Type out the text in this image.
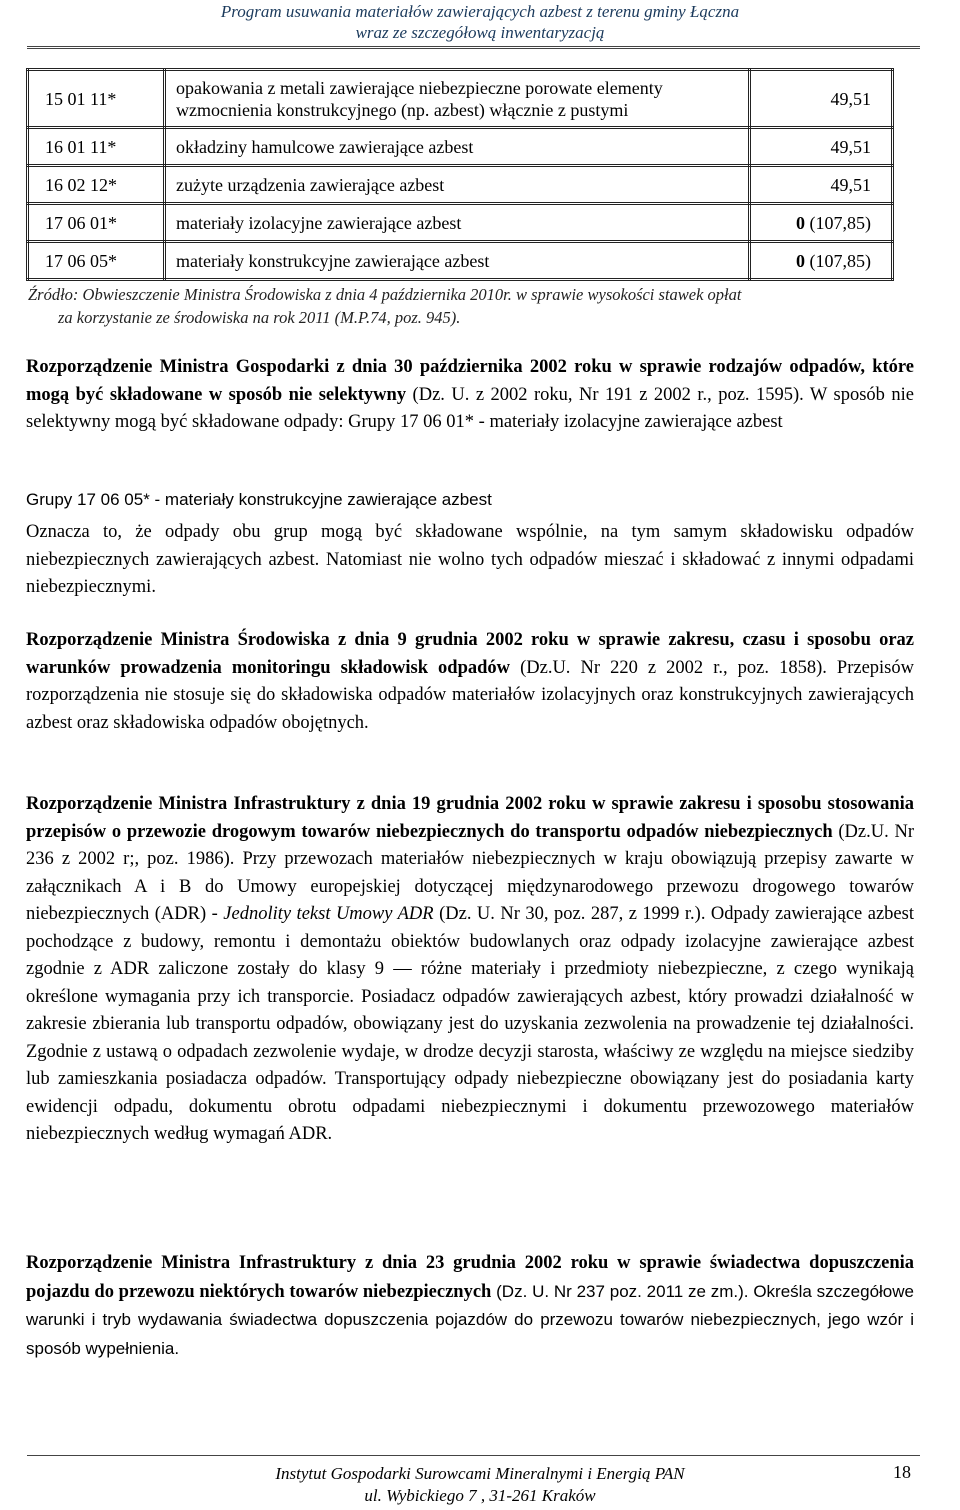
Program usuwania materiałów zawierających azbest z terenu gminy Łączna
wraz ze szczegółową inwentaryzacją
15 01 11*	opakowania z metali zawierające niebezpieczne porowate elementy wzmocnienia konstrukcyjnego (np. azbest) włącznie z pustymi	49,51
16 01 11*	okładziny hamulcowe zawierające azbest	49,51
16 02 12*	zużyte urządzenia zawierające azbest	49,51
17 06 01*	materiały izolacyjne zawierające azbest	0 (107,85)
17 06 05*	materiały konstrukcyjne zawierające azbest	0 (107,85)
Źródło: Obwieszczenie Ministra Środowiska z dnia 4 października 2010r. w sprawie wysokości stawek opłat
za korzystanie ze środowiska na rok 2011 (M.P.74, poz. 945).
Rozporządzenie Ministra Gospodarki z dnia 30 października 2002 roku w sprawie rodzajów odpadów, które mogą być składowane w sposób nie selektywny (Dz. U. z 2002 roku, Nr 191 z 2002 r., poz. 1595). W sposób nie selektywny mogą być składowane odpady: Grupy 17 06 01* - materiały izolacyjne zawierające azbest
Grupy 17 06 05* - materiały konstrukcyjne zawierające azbest
Oznacza to, że odpady obu grup mogą być składowane wspólnie, na tym samym składowisku odpadów niebezpiecznych zawierających azbest. Natomiast nie wolno tych odpadów mieszać i składować z innymi odpadami niebezpiecznymi.
Rozporządzenie Ministra Środowiska z dnia 9 grudnia 2002 roku w sprawie zakresu, czasu i sposobu oraz warunków prowadzenia monitoringu składowisk odpadów (Dz.U. Nr 220 z 2002 r., poz. 1858). Przepisów rozporządzenia nie stosuje się do składowiska odpadów materiałów izolacyjnych oraz konstrukcyjnych zawierających azbest oraz składowiska odpadów obojętnych.
Rozporządzenie Ministra Infrastruktury z dnia 19 grudnia 2002 roku w sprawie zakresu i sposobu stosowania przepisów o przewozie drogowym towarów niebezpiecznych do transportu odpadów niebezpiecznych (Dz.U. Nr 236 z 2002 r;, poz. 1986). Przy przewozach materiałów niebezpiecznych w kraju obowiązują przepisy zawarte w załącznikach A i B do Umowy europejskiej dotyczącej międzynarodowego przewozu drogowego towarów niebezpiecznych (ADR) - Jednolity tekst Umowy ADR (Dz. U. Nr 30, poz. 287, z 1999 r.). Odpady zawierające azbest pochodzące z budowy, remontu i demontażu obiektów budowlanych oraz odpady izolacyjne zawierające azbest zgodnie z ADR zaliczone zostały do klasy 9 — różne materiały i przedmioty niebezpieczne, z czego wynikają określone wymagania przy ich transporcie. Posiadacz odpadów zawierających azbest, który prowadzi działalność w zakresie zbierania lub transportu odpadów, obowiązany jest do uzyskania zezwolenia na prowadzenie tej działalności. Zgodnie z ustawą o odpadach zezwolenie wydaje, w drodze decyzji starosta, właściwy ze względu na miejsce siedziby lub zamieszkania posiadacza odpadów. Transportujący odpady niebezpieczne obowiązany jest do posiadania karty ewidencji odpadu, dokumentu obrotu odpadami niebezpiecznymi i dokumentu przewozowego materiałów niebezpiecznych według wymagań ADR.
Rozporządzenie Ministra Infrastruktury z dnia 23 grudnia 2002 roku w sprawie świadectwa dopuszczenia pojazdu do przewozu niektórych towarów niebezpiecznych (Dz. U. Nr 237 poz. 2011 ze zm.). Określa szczegółowe warunki i tryb wydawania świadectwa dopuszczenia pojazdów do przewozu towarów niebezpiecznych, jego wzór i sposób wypełnienia.
Instytut Gospodarki Surowcami Mineralnymi i Energią PAN
ul. Wybickiego 7 , 31-261 Kraków
18
